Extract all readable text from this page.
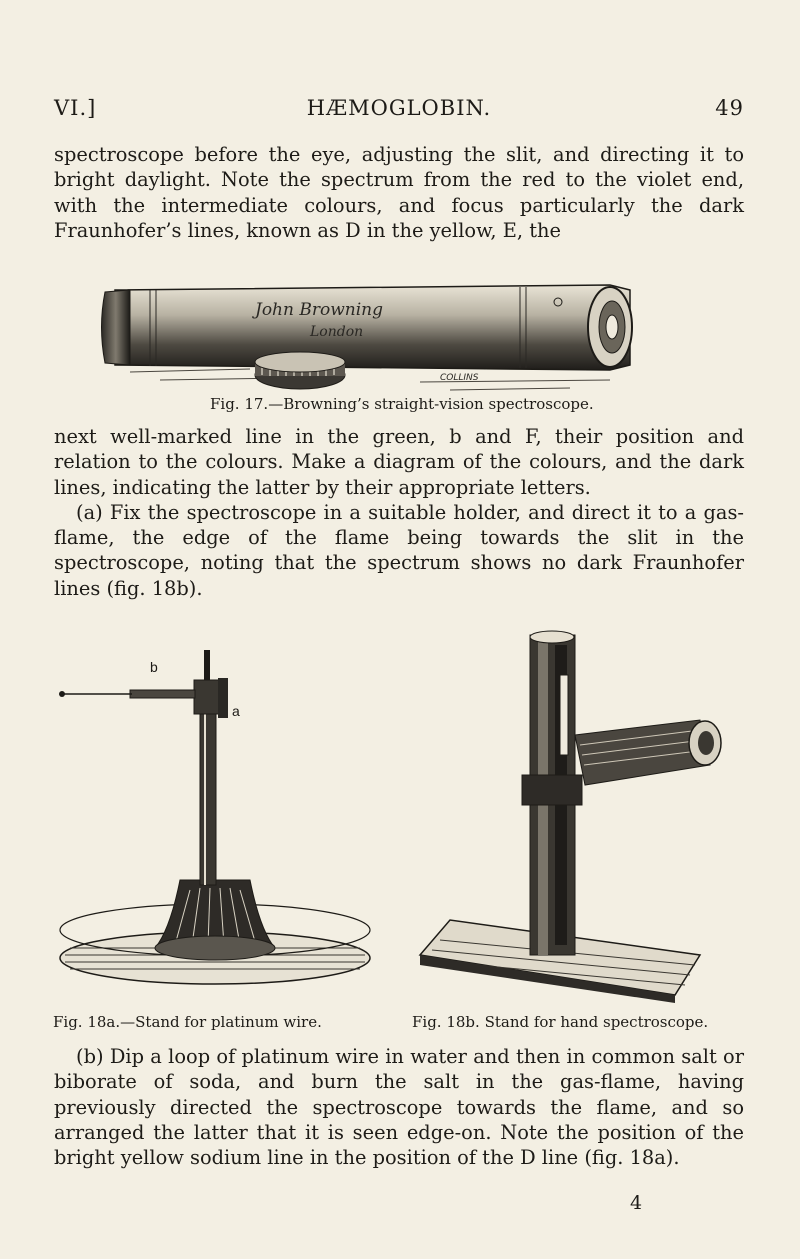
VI.]	HÆMOGLOBIN.	49

spectroscope before the eye, adjusting the slit, and directing it to bright daylight. Note the spectrum from the red to the violet end, with the intermediate colours, and focus particularly the dark Fraunhofer’s lines, known as D in the yellow, E, the

John Browning
London
COLLINS
Fig. 17.—Browning’s straight-vision spectroscope.

next well-marked line in the green, b and F, their position and relation to the colours. Make a diagram of the colours, and the dark lines, indicating the latter by their appropriate letters.

(a) Fix the spectroscope in a suitable holder, and direct it to a gas-flame, the edge of the flame being towards the slit in the spectroscope, noting that the spectrum shows no dark Fraunhofer lines (fig. 18b).

b
a
Fig. 18a.—Stand for platinum wire.	Fig. 18b. Stand for hand spectroscope.

(b) Dip a loop of platinum wire in water and then in common salt or biborate of soda, and burn the salt in the gas-flame, having previously directed the spectroscope towards the flame, and so arranged the latter that it is seen edge-on. Note the position of the bright yellow sodium line in the position of the D line (fig. 18a).

4
